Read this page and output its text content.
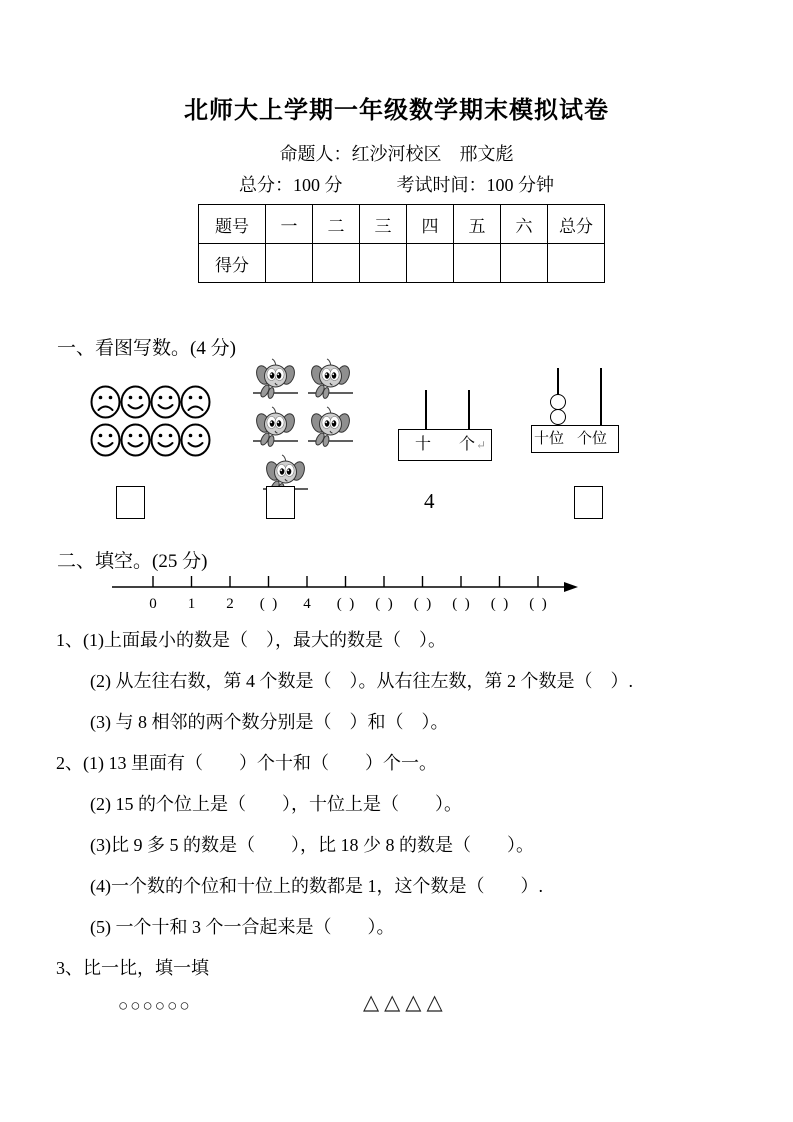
北师大上学期一年级数学期末模拟试卷
命题人：红沙河校区　邢文彪
总分：100 分　　　考试时间：100 分钟
题号	一	二	三	四	五	六	总分
得分							
一、看图写数。(4 分)
十 个↵	十位 个位
4
二、填空。(25 分)
0 1 2 (  ) 4 (  ) (  ) (  ) (  ) (  ) (  )
1、(1)上面最小的数是（　），最大的数是（　）。
(2) 从左往右数，第 4 个数是（　）。从右往左数，第 2 个数是（　）.
(3) 与 8 相邻的两个数分别是（　）和（　）。
2、(1) 13 里面有（　　）个十和（　　）个一。
(2) 15 的个位上是（　　），十位上是（　　）。
(3)比 9 多 5 的数是（　　），比 18 少 8 的数是（　　）。
(4)一个数的个位和十位上的数都是 1，这个数是（　　）.
(5) 一个十和 3 个一合起来是（　　）。
3、比一比，填一填
○○○○○○	△△△△
